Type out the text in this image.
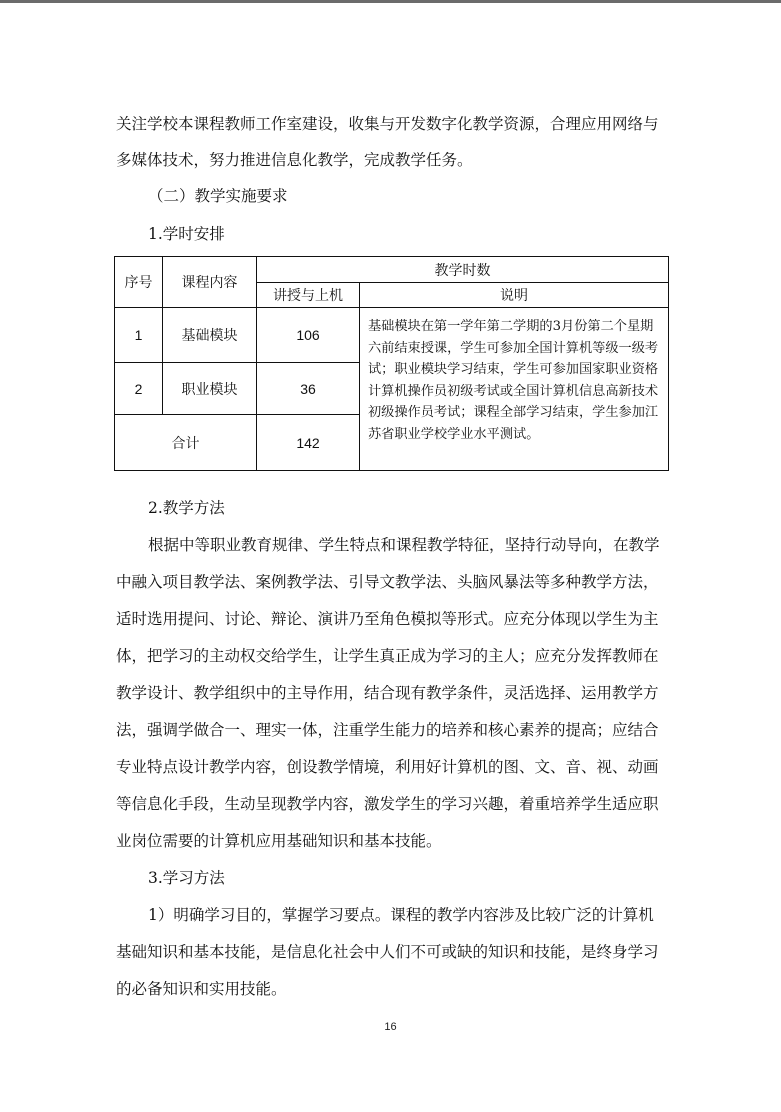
关注学校本课程教师工作室建设，收集与开发数字化教学资源，合理应用网络与
多媒体技术，努力推进信息化教学，完成教学任务。
（二）教学实施要求
1.学时安排
序号	课程内容	教学时数	
		讲授与上机	说明
1	基础模块	106	基础模块在第一学年第二学期的3月份第二个星期六前结束授课，学生可参加全国计算机等级一级考试；职业模块学习结束，学生可参加国家职业资格计算机操作员初级考试或全国计算机信息高新技术初级操作员考试；课程全部学习结束，学生参加江苏省职业学校学业水平测试。
2	职业模块	36	
合计		142	
2.教学方法
根据中等职业教育规律、学生特点和课程教学特征，坚持行动导向，在教学
中融入项目教学法、案例教学法、引导文教学法、头脑风暴法等多种教学方法，
适时选用提问、讨论、辩论、演讲乃至角色模拟等形式。应充分体现以学生为主
体，把学习的主动权交给学生，让学生真正成为学习的主人；应充分发挥教师在
教学设计、教学组织中的主导作用，结合现有教学条件，灵活选择、运用教学方
法，强调学做合一、理实一体，注重学生能力的培养和核心素养的提高；应结合
专业特点设计教学内容，创设教学情境，利用好计算机的图、文、音、视、动画
等信息化手段，生动呈现教学内容，激发学生的学习兴趣，着重培养学生适应职
业岗位需要的计算机应用基础知识和基本技能。
3.学习方法
1）明确学习目的，掌握学习要点。课程的教学内容涉及比较广泛的计算机
基础知识和基本技能，是信息化社会中人们不可或缺的知识和技能，是终身学习
的必备知识和实用技能。
16
